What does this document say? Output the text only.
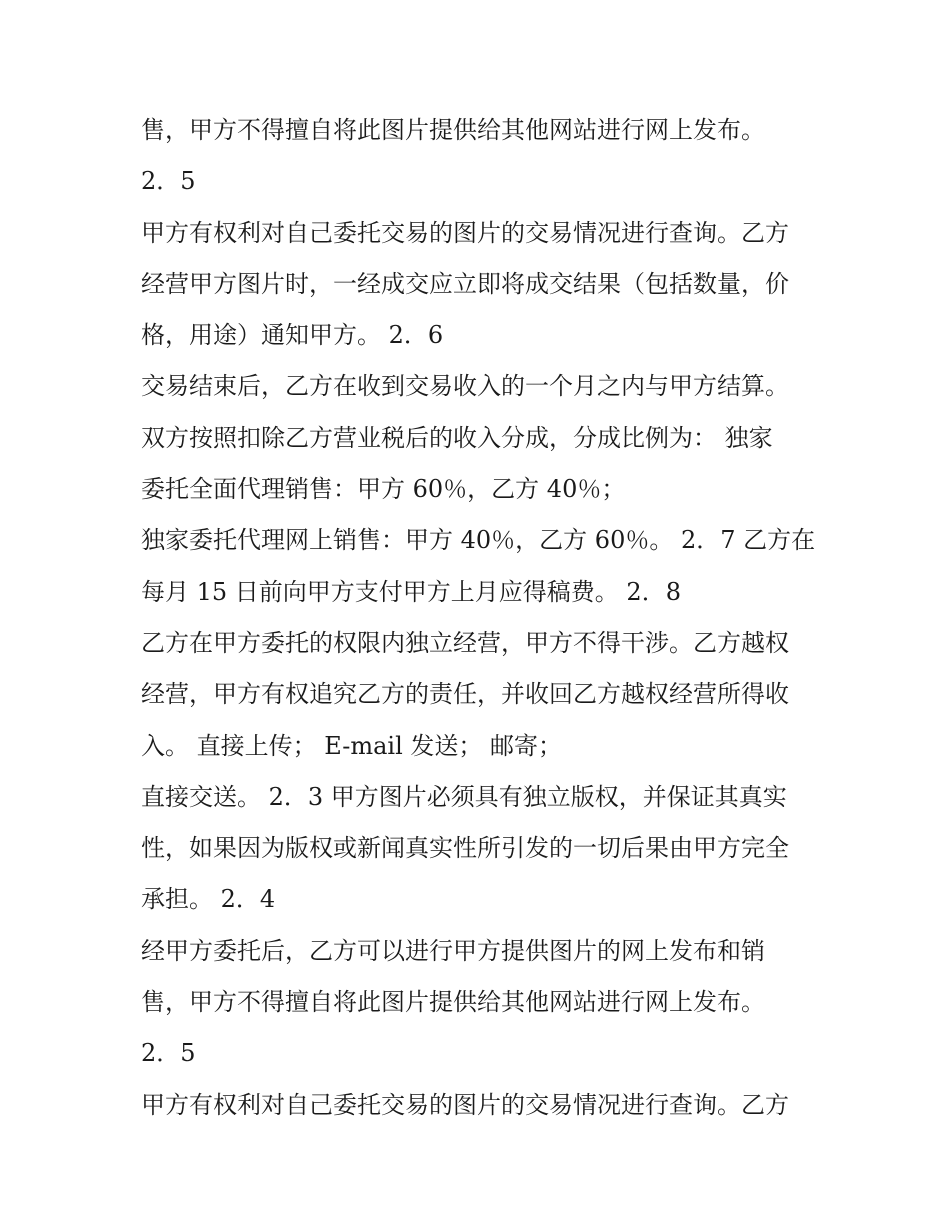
售，甲方不得擅自将此图片提供给其他网站进行网上发布。
2．5
甲方有权利对自己委托交易的图片的交易情况进行查询。乙方
经营甲方图片时，一经成交应立即将成交结果（包括数量，价
格，用途）通知甲方。 2．6
交易结束后，乙方在收到交易收入的一个月之内与甲方结算。
双方按照扣除乙方营业税后的收入分成，分成比例为： 独家
委托全面代理销售：甲方 60％，乙方 40％；
独家委托代理网上销售：甲方 40％，乙方 60％。 2．7 乙方在
每月 15 日前向甲方支付甲方上月应得稿费。 2．8
乙方在甲方委托的权限内独立经营，甲方不得干涉。乙方越权
经营，甲方有权追究乙方的责任，并收回乙方越权经营所得收
入。 直接上传； E-mail 发送； 邮寄；
直接交送。 2．3 甲方图片必须具有独立版权，并保证其真实
性，如果因为版权或新闻真实性所引发的一切后果由甲方完全
承担。 2．4
经甲方委托后，乙方可以进行甲方提供图片的网上发布和销
售，甲方不得擅自将此图片提供给其他网站进行网上发布。
2．5
甲方有权利对自己委托交易的图片的交易情况进行查询。乙方
